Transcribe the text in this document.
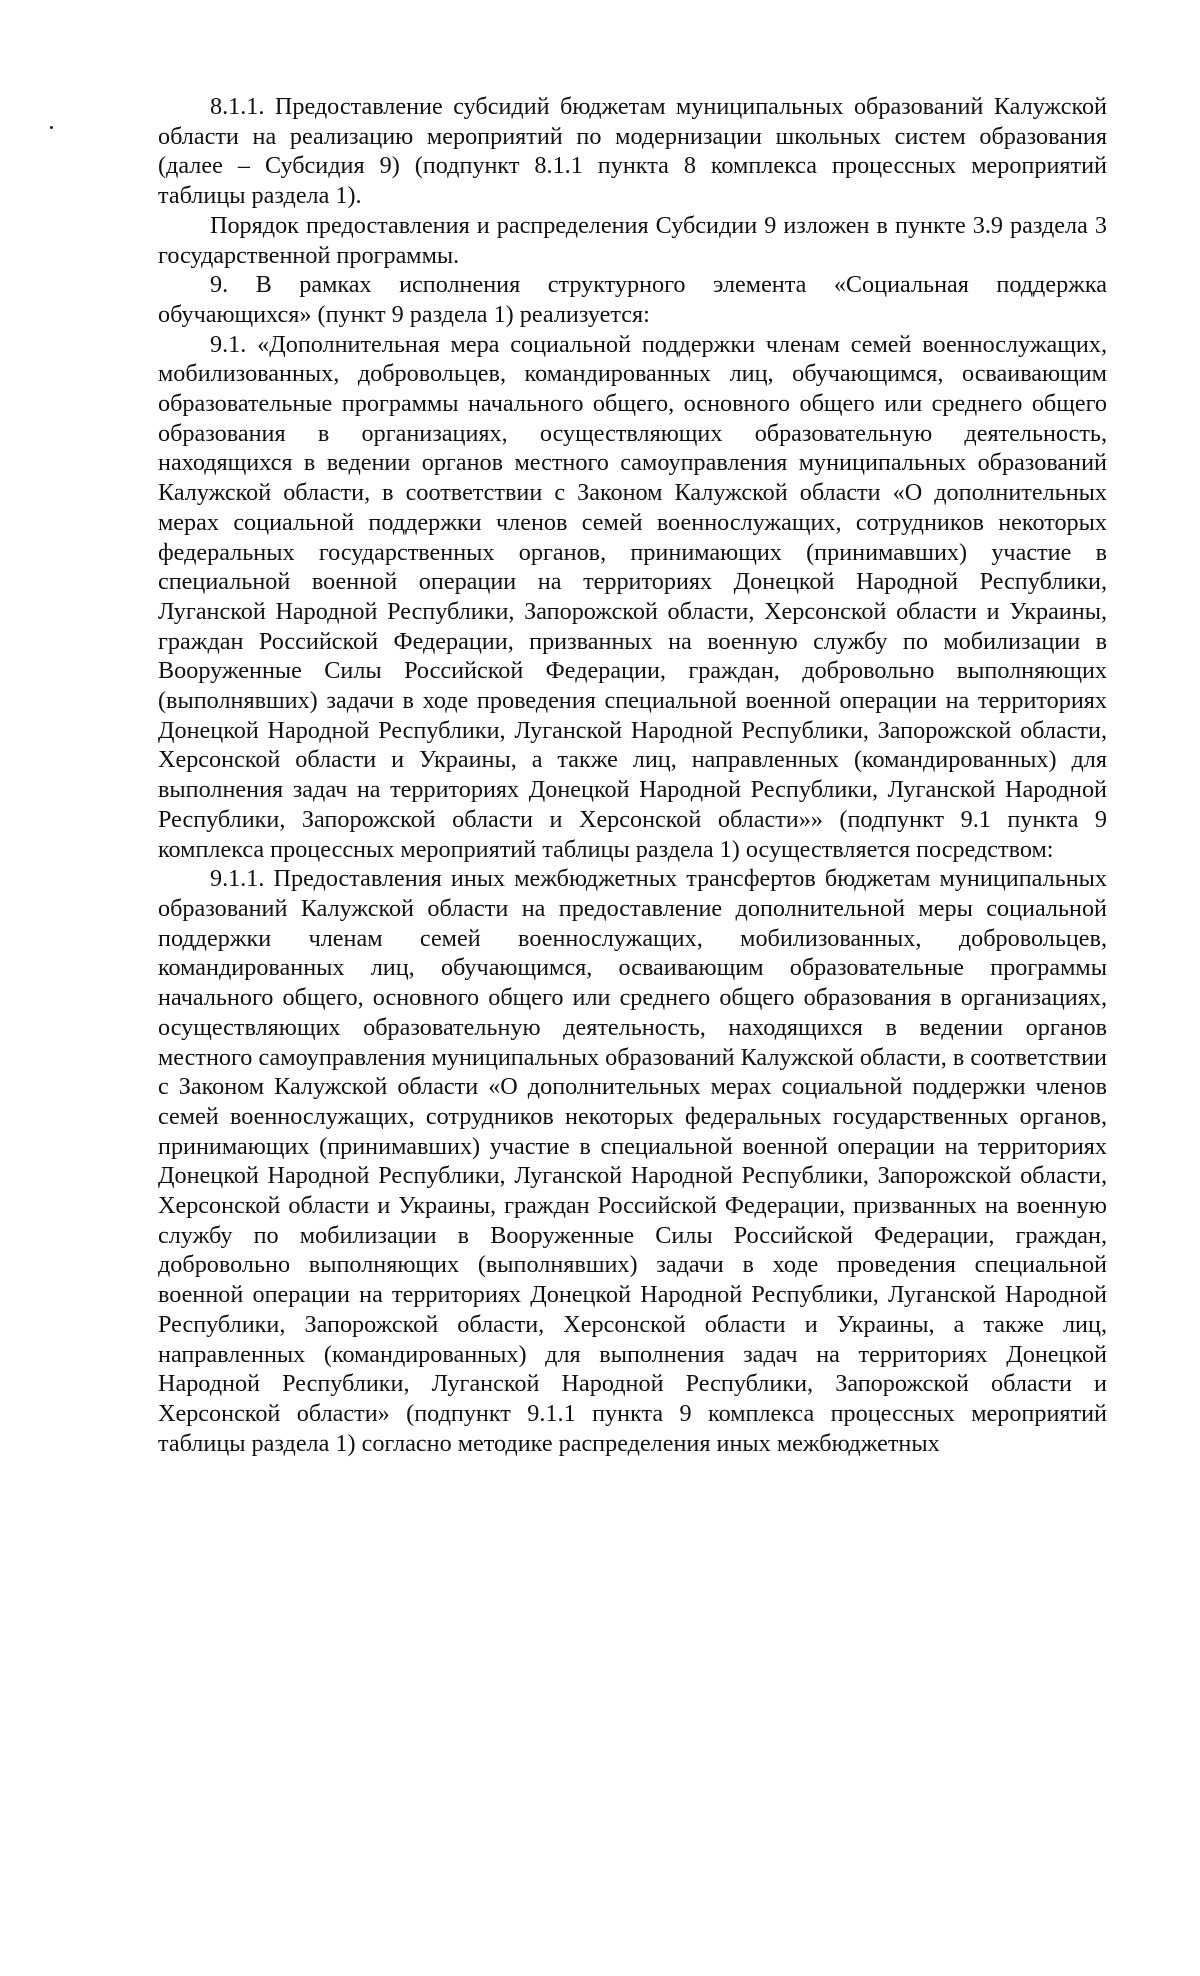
8.1.1. Предоставление субсидий бюджетам муниципальных образований Калужской области на реализацию мероприятий по модернизации школьных систем образования (далее – Субсидия 9) (подпункт 8.1.1 пункта 8 комплекса процессных мероприятий таблицы раздела 1).

Порядок предоставления и распределения Субсидии 9 изложен в пункте 3.9 раздела 3 государственной программы.

9. В рамках исполнения структурного элемента «Социальная поддержка обучающихся» (пункт 9 раздела 1) реализуется:

9.1. «Дополнительная мера социальной поддержки членам семей военнослужащих, мобилизованных, добровольцев, командированных лиц, обучающимся, осваивающим образовательные программы начального общего, основного общего или среднего общего образования в организациях, осуществляющих образовательную деятельность, находящихся в ведении органов местного самоуправления муниципальных образований Калужской области, в соответствии с Законом Калужской области «О дополнительных мерах социальной поддержки членов семей военнослужащих, сотрудников некоторых федеральных государственных органов, принимающих (принимавших) участие в специальной военной операции на территориях Донецкой Народной Республики, Луганской Народной Республики, Запорожской области, Херсонской области и Украины, граждан Российской Федерации, призванных на военную службу по мобилизации в Вооруженные Силы Российской Федерации, граждан, добровольно выполняющих (выполнявших) задачи в ходе проведения специальной военной операции на территориях Донецкой Народной Республики, Луганской Народной Республики, Запорожской области, Херсонской области и Украины, а также лиц, направленных (командированных) для выполнения задач на территориях Донецкой Народной Республики, Луганской Народной Республики, Запорожской области и Херсонской области»» (подпункт 9.1 пункта 9 комплекса процессных мероприятий таблицы раздела 1) осуществляется посредством:

9.1.1. Предоставления иных межбюджетных трансфертов бюджетам муниципальных образований Калужской области на предоставление дополнительной меры социальной поддержки членам семей военнослужащих, мобилизованных, добровольцев, командированных лиц, обучающимся, осваивающим образовательные программы начального общего, основного общего или среднего общего образования в организациях, осуществляющих образовательную деятельность, находящихся в ведении органов местного самоуправления муниципальных образований Калужской области, в соответствии с Законом Калужской области «О дополнительных мерах социальной поддержки членов семей военнослужащих, сотрудников некоторых федеральных государственных органов, принимающих (принимавших) участие в специальной военной операции на территориях Донецкой Народной Республики, Луганской Народной Республики, Запорожской области, Херсонской области и Украины, граждан Российской Федерации, призванных на военную службу по мобилизации в Вооруженные Силы Российской Федерации, граждан, добровольно выполняющих (выполнявших) задачи в ходе проведения специальной военной операции на территориях Донецкой Народной Республики, Луганской Народной Республики, Запорожской области, Херсонской области и Украины, а также лиц, направленных (командированных) для выполнения задач на территориях Донецкой Народной Республики, Луганской Народной Республики, Запорожской области и Херсонской области» (подпункт 9.1.1 пункта 9 комплекса процессных мероприятий таблицы раздела 1) согласно методике распределения иных межбюджетных
